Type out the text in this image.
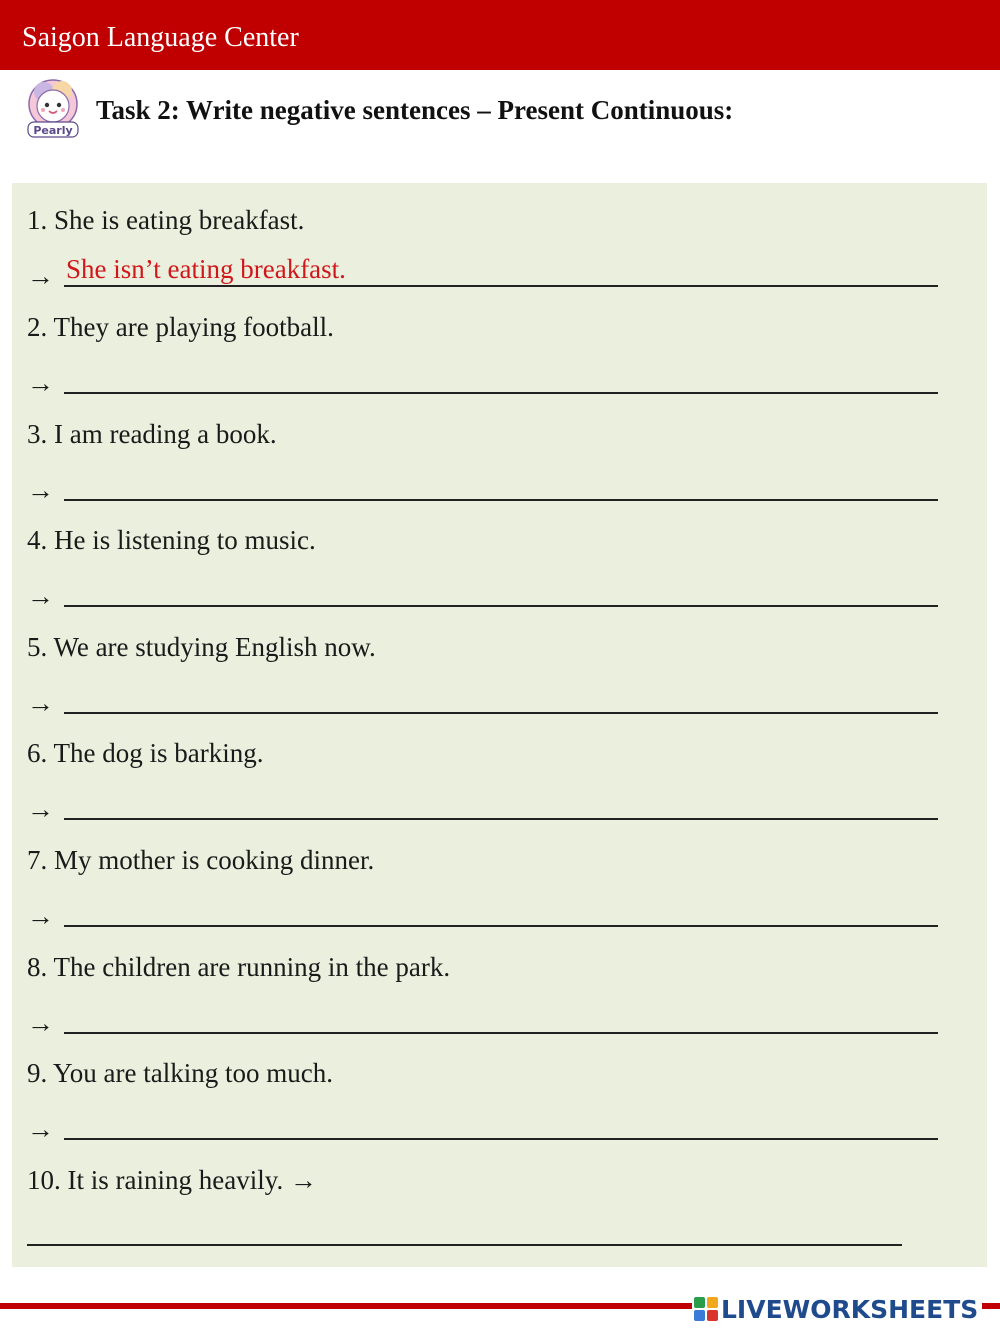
Saigon Language Center
Pearly
Task 2: Write negative sentences – Present Continuous:
1. She is eating breakfast.
→ She isn’t eating breakfast.
2. They are playing football.
→
3. I am reading a book.
→
4. He is listening to music.
→
5. We are studying English now.
→
6. The dog is barking.
→
7. My mother is cooking dinner.
→
8. The children are running in the park.
→
9. You are talking too much.
→
10. It is raining heavily. →
LIVEWORKSHEETS
